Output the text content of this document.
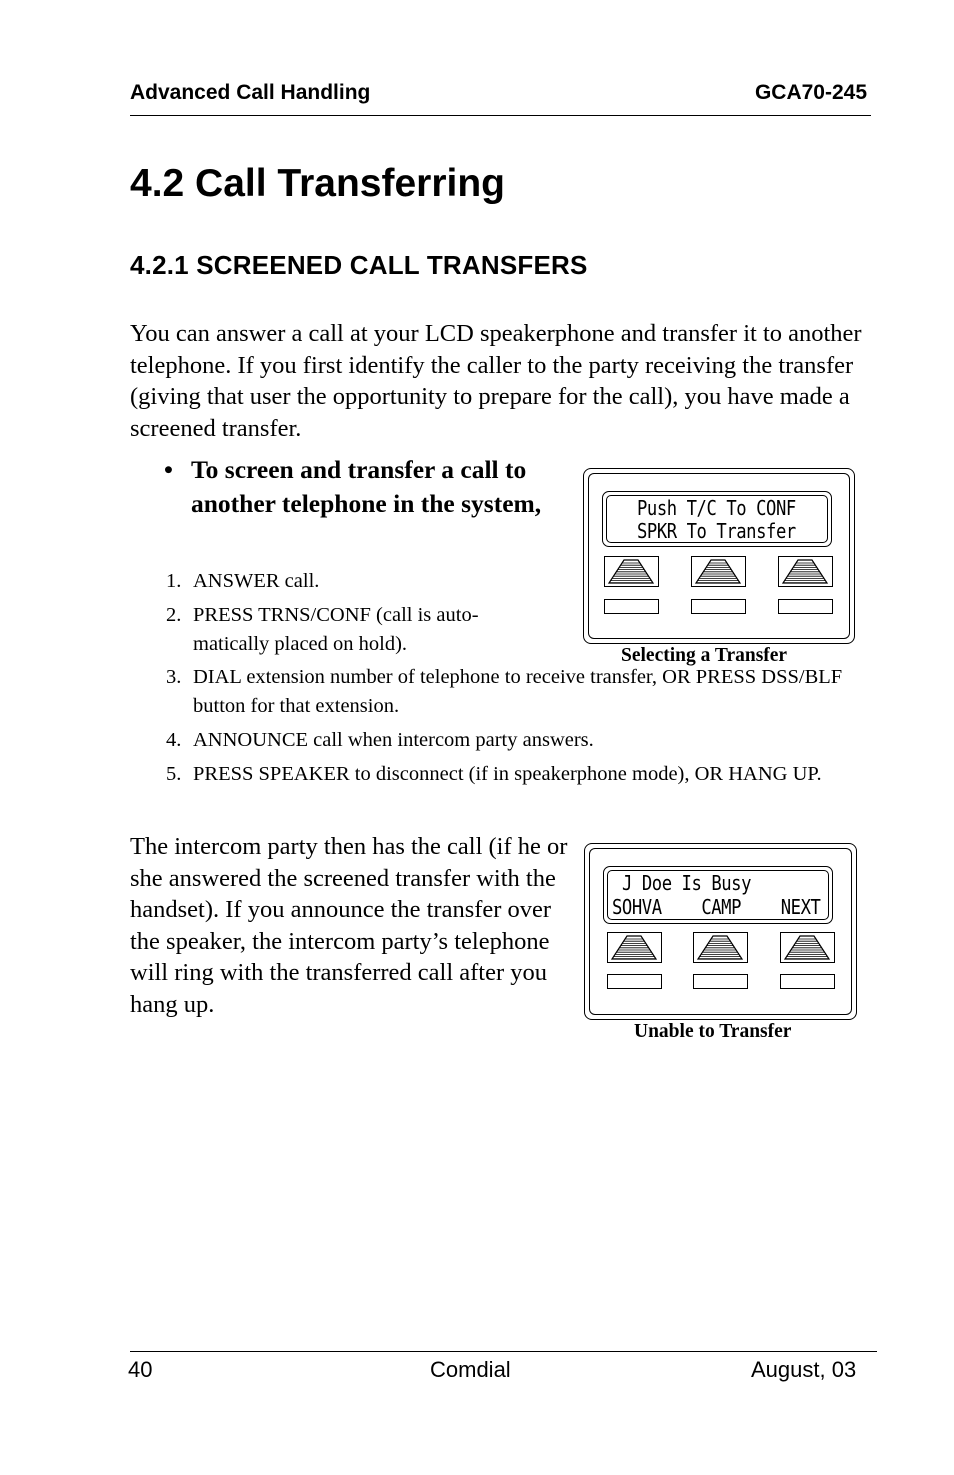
Advanced Call Handling	GCA70-245
4.2 Call Transferring
4.2.1 SCREENED CALL TRANSFERS

You can answer a call at your LCD speakerphone and transfer it to another telephone. If you first identify the caller to the party receiving the transfer (giving that user the opportunity to prepare for the call), you have made a screened transfer.

• To screen and transfer a call to another telephone in the system,
1. ANSWER call.
2. PRESS TRNS/CONF (call is auto-matically placed on hold).
3. DIAL extension number of telephone to receive transfer, OR PRESS DSS/BLF button for that extension.
4. ANNOUNCE call when intercom party answers.
5. PRESS SPEAKER to disconnect (if in speakerphone mode), OR HANG UP.
Push T/C To CONF
SPKR To Transfer
Selecting a Transfer
J Doe Is Busy
SOHVA    CAMP    NEXT
Unable to Transfer

The intercom party then has the call (if he or she answered the screened transfer with the handset). If you announce the transfer over the speaker, the intercom party’s telephone will ring with the transferred call after you hang up.

40	Comdial	August, 03
